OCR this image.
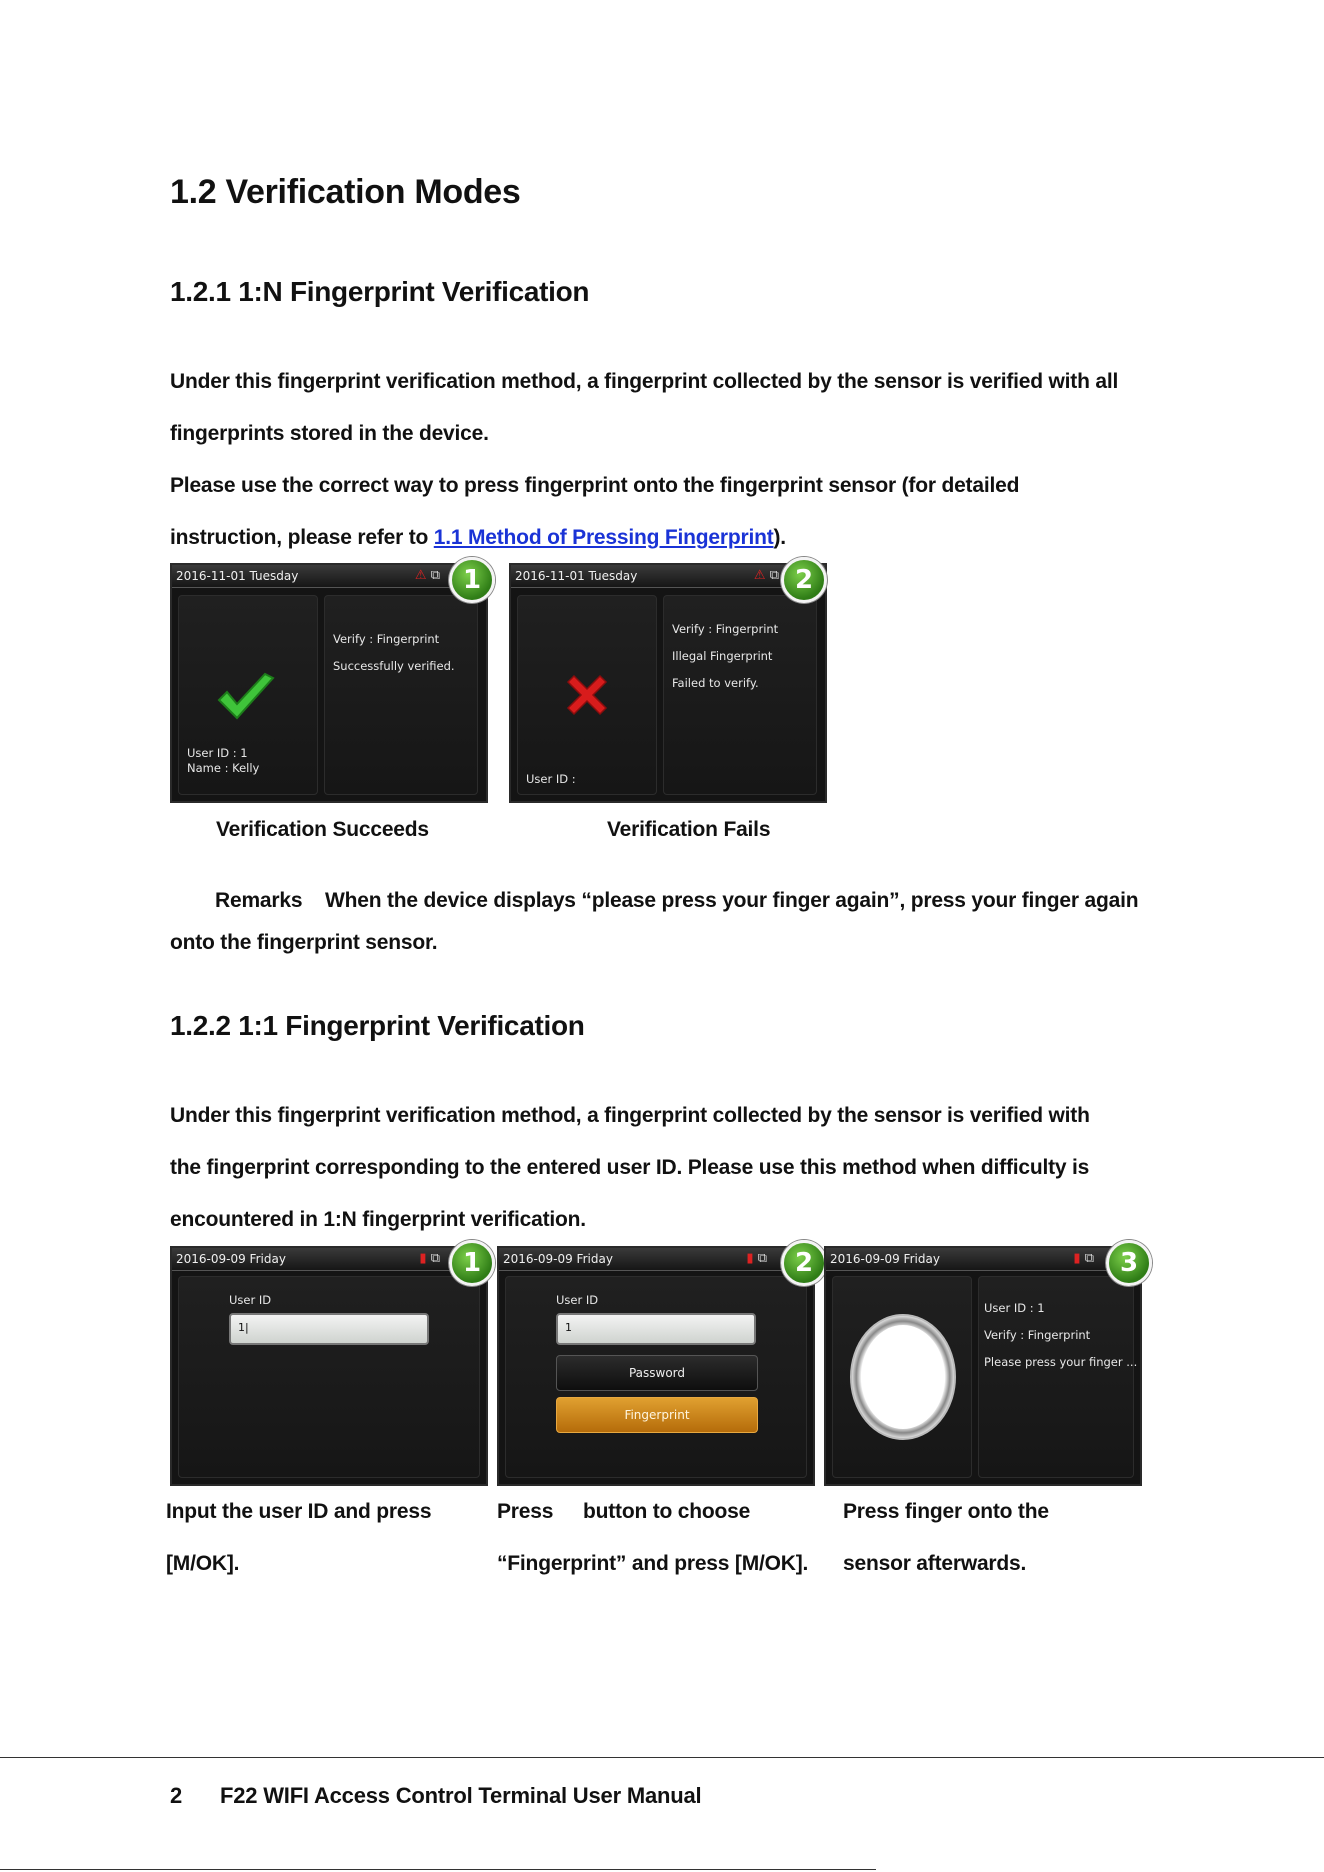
1.2 Verification Modes
1.2.1 1:N Fingerprint Verification
Under this fingerprint verification method, a fingerprint collected by the sensor is verified with all
fingerprints stored in the device.
Please use the correct way to press fingerprint onto the fingerprint sensor (for detailed
instruction, please refer to 1.1 Method of Pressing Fingerprint).
2016-11-01 Tuesday	⚠ ⧉
User ID : 1
Name : Kelly
Verify : Fingerprint
Successfully verified.
1	2016-11-01 Tuesday	⚠ ⧉
User ID :
Verify : Fingerprint
Illegal Fingerprint
Failed to verify.
2
Verification Succeeds	Verification Fails
Remarks When the device displays “please press your finger again”, press your finger again
onto the fingerprint sensor.
1.2.2 1:1 Fingerprint Verification
Under this fingerprint verification method, a fingerprint collected by the sensor is verified with
the fingerprint corresponding to the entered user ID. Please use this method when difficulty is
encountered in 1:N fingerprint verification.
2016-09-09 Friday	▮ ⧉
User ID
1|
1	2016-09-09 Friday	▮ ⧉
User ID
1
Password
Fingerprint
2	2016-09-09 Friday	▮ ⧉
User ID : 1
Verify : Fingerprint
Please press your finger ...
3
Input the user ID and press
[M/OK].
Press button to choose
“Fingerprint” and press [M/OK].
Press finger onto the
sensor afterwards.
2 F22 WIFI Access Control Terminal User Manual
